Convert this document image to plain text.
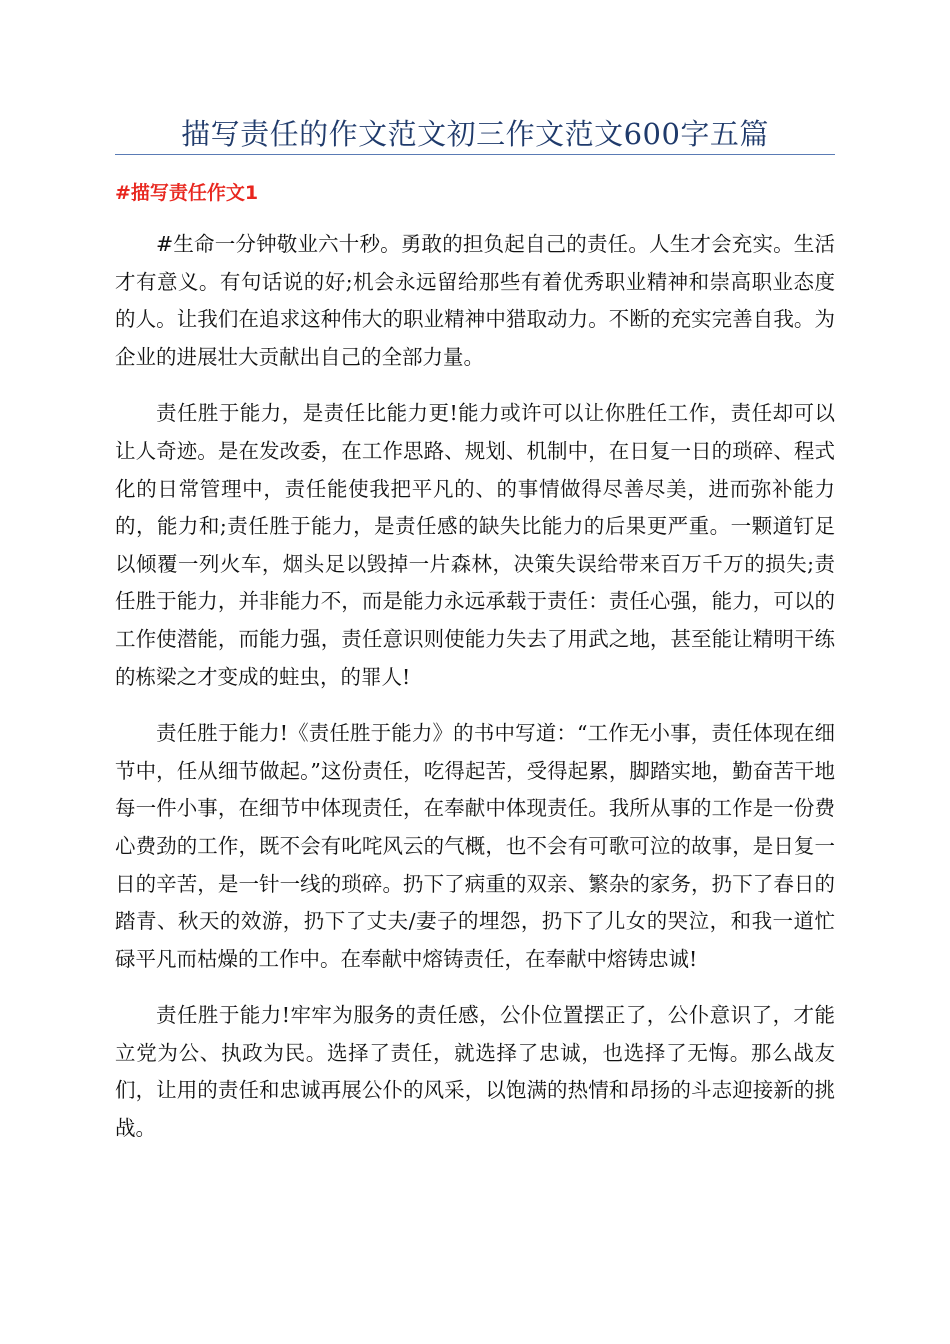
描写责任的作文范文初三作文范文600字五篇
#描写责任作文1

#生命一分钟敬业六十秒。勇敢的担负起自己的责任。人生才会充实。生活才有意义。有句话说的好;机会永远留给那些有着优秀职业精神和崇高职业态度的人。让我们在追求这种伟大的职业精神中猎取动力。不断的充实完善自我。为企业的进展壮大贡献出自己的全部力量。

责任胜于能力，是责任比能力更!能力或许可以让你胜任工作，责任却可以让人奇迹。是在发改委，在工作思路、规划、机制中，在日复一日的琐碎、程式化的日常管理中，责任能使我把平凡的、的事情做得尽善尽美，进而弥补能力的，能力和;责任胜于能力，是责任感的缺失比能力的后果更严重。一颗道钉足以倾覆一列火车，烟头足以毁掉一片森林，决策失误给带来百万千万的损失;责任胜于能力，并非能力不，而是能力永远承载于责任：责任心强，能力，可以的工作使潜能，而能力强，责任意识则使能力失去了用武之地，甚至能让精明干练的栋梁之才变成的蛀虫，的罪人!

责任胜于能力!《责任胜于能力》的书中写道：“工作无小事，责任体现在细节中，任从细节做起。”这份责任，吃得起苦，受得起累，脚踏实地，勤奋苦干地每一件小事，在细节中体现责任，在奉献中体现责任。我所从事的工作是一份费心费劲的工作，既不会有叱咤风云的气概，也不会有可歌可泣的故事，是日复一日的辛苦，是一针一线的琐碎。扔下了病重的双亲、繁杂的家务，扔下了春日的踏青、秋天的效游，扔下了丈夫/妻子的埋怨，扔下了儿女的哭泣，和我一道忙碌平凡而枯燥的工作中。在奉献中熔铸责任，在奉献中熔铸忠诚!

责任胜于能力!牢牢为服务的责任感，公仆位置摆正了，公仆意识了，才能立党为公、执政为民。选择了责任，就选择了忠诚，也选择了无悔。那么战友们，让用的责任和忠诚再展公仆的风采，以饱满的热情和昂扬的斗志迎接新的挑战。
